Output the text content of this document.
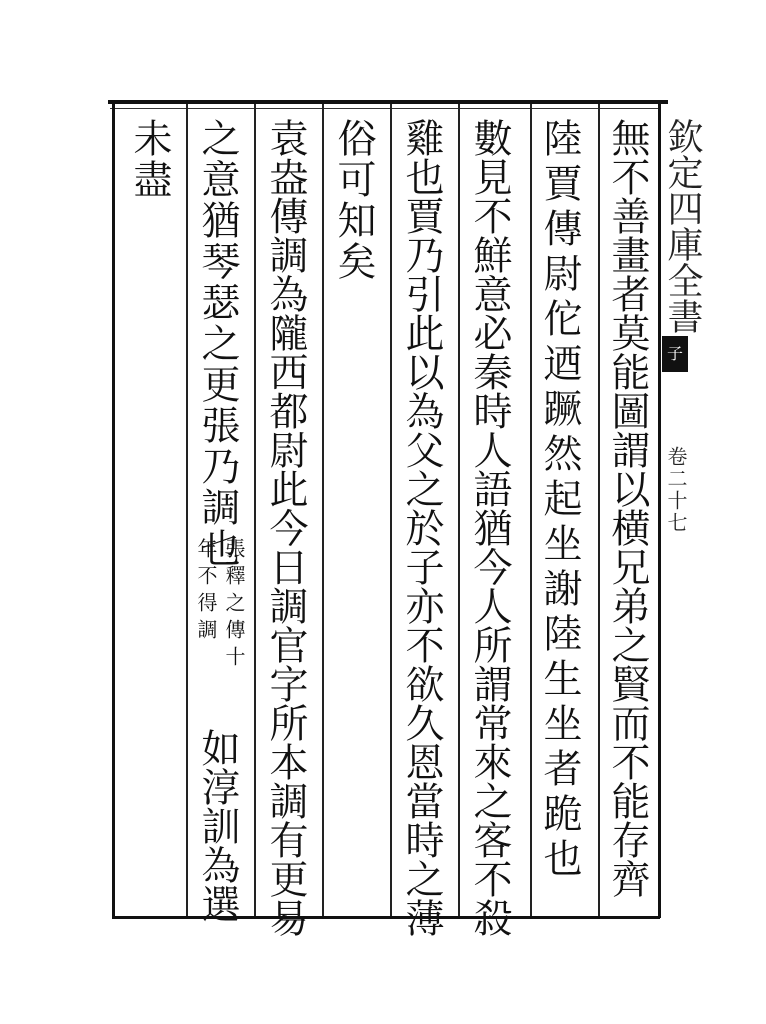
欽定四庫全書
子
卷二十七
無不善畫者莫能圖謂以横兄弟之賢而不能存齊
陸賈傳尉佗迺蹶然起坐謝陸生坐者跪也
數見不鮮意必秦時人語猶今人所謂常來之客不殺
雞也賈乃引此以為父之於子亦不欲久恩當時之薄
俗可知矣
袁盎傳調為隴西都尉此今日調官字所本調有更易
之意猶琴瑟之更張乃調也
張釋之傳十
年不得調
如淳訓為選
未盡
